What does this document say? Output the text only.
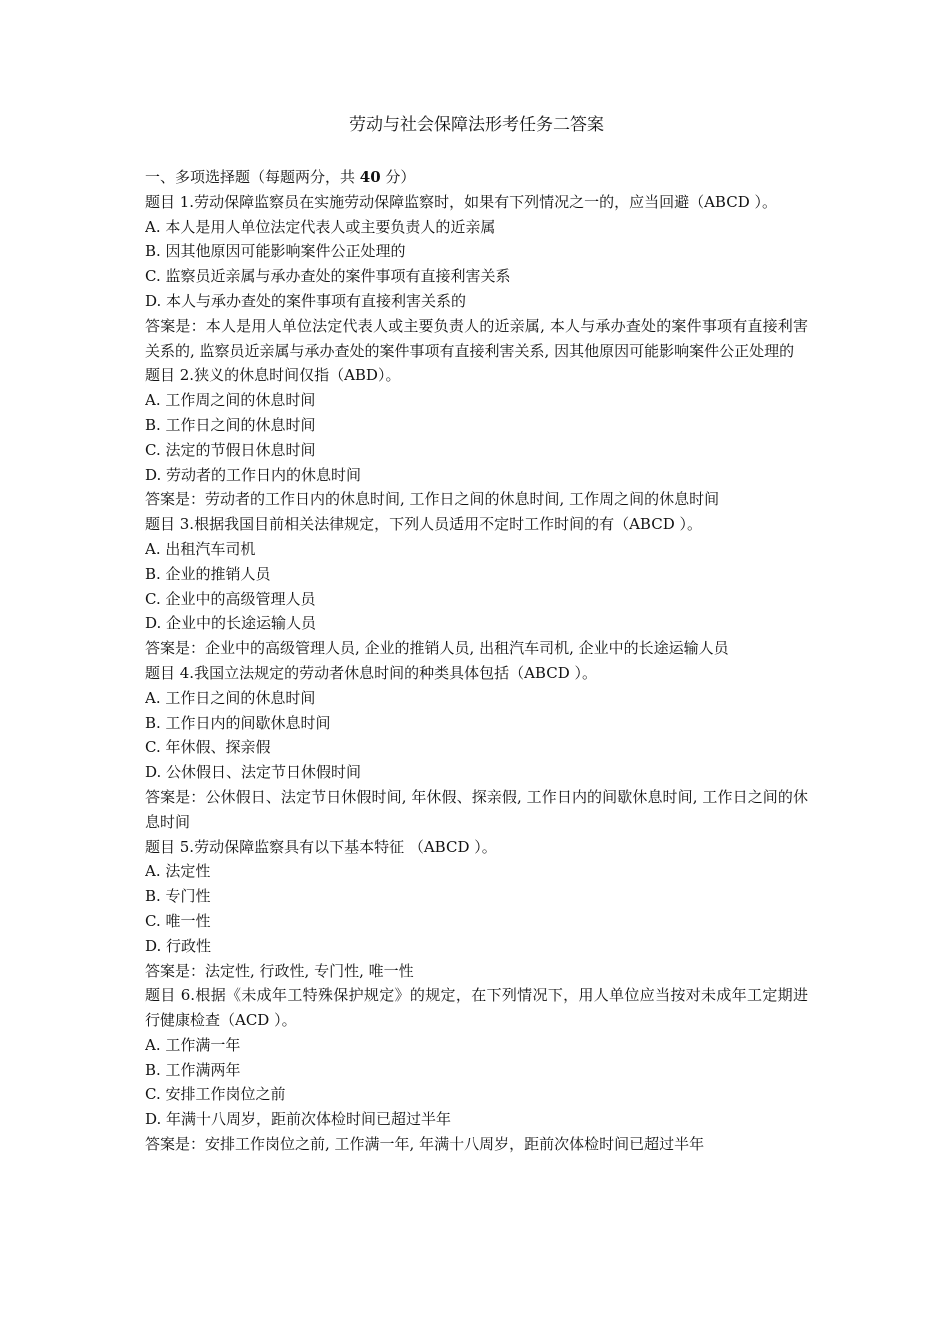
劳动与社会保障法形考任务二答案
一、多项选择题（每题两分，共 40 分）
题目 1.劳动保障监察员在实施劳动保障监察时，如果有下列情况之一的，应当回避（ABCD ）。
A. 本人是用人单位法定代表人或主要负责人的近亲属
B. 因其他原因可能影响案件公正处理的
C. 监察员近亲属与承办查处的案件事项有直接利害关系
D. 本人与承办查处的案件事项有直接利害关系的
答案是：本人是用人单位法定代表人或主要负责人的近亲属, 本人与承办查处的案件事项有直接利害关系的, 监察员近亲属与承办查处的案件事项有直接利害关系, 因其他原因可能影响案件公正处理的
题目 2.狭义的休息时间仅指（ABD）。
A. 工作周之间的休息时间
B. 工作日之间的休息时间
C. 法定的节假日休息时间
D. 劳动者的工作日内的休息时间
答案是：劳动者的工作日内的休息时间, 工作日之间的休息时间, 工作周之间的休息时间
题目 3.根据我国目前相关法律规定，下列人员适用不定时工作时间的有（ABCD ）。
A. 出租汽车司机
B. 企业的推销人员
C. 企业中的高级管理人员
D. 企业中的长途运输人员
答案是：企业中的高级管理人员, 企业的推销人员, 出租汽车司机, 企业中的长途运输人员
题目 4.我国立法规定的劳动者休息时间的种类具体包括（ABCD ）。
A. 工作日之间的休息时间
B. 工作日内的间歇休息时间
C. 年休假、探亲假
D. 公休假日、法定节日休假时间
答案是：公休假日、法定节日休假时间, 年休假、探亲假, 工作日内的间歇休息时间, 工作日之间的休息时间
题目 5.劳动保障监察具有以下基本特征 （ABCD ）。
A. 法定性
B. 专门性
C. 唯一性
D. 行政性
答案是：法定性, 行政性, 专门性, 唯一性
题目 6.根据《未成年工特殊保护规定》的规定，在下列情况下，用人单位应当按对未成年工定期进行健康检查（ACD ）。
A. 工作满一年
B. 工作满两年
C. 安排工作岗位之前
D. 年满十八周岁，距前次体检时间已超过半年
答案是：安排工作岗位之前, 工作满一年, 年满十八周岁，距前次体检时间已超过半年
